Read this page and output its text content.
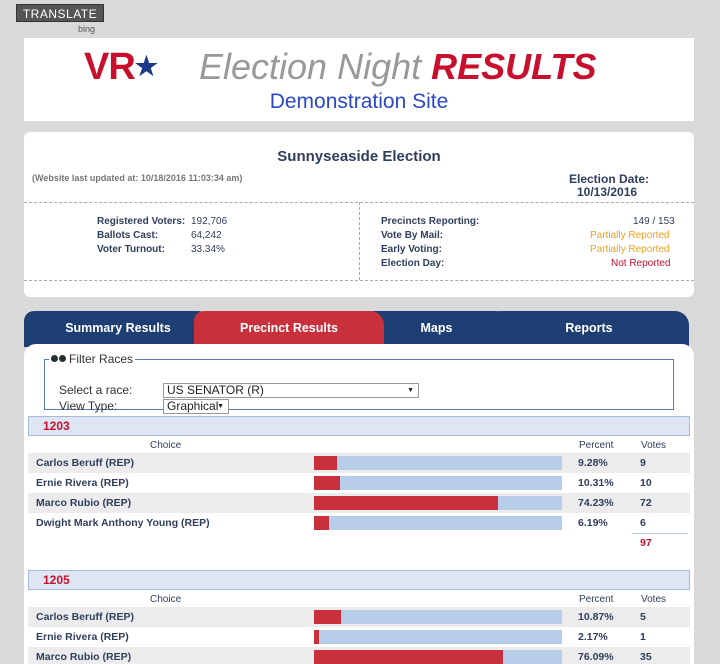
TRANSLATE
bing
VR★ Election Night RESULTS
Demonstration Site
Sunnyseaside Election
(Website last updated at: 10/18/2016 11:03:34 am)	Election Date:
10/13/2016
Registered Voters: 192,706
Ballots Cast:	64,242
Voter Turnout:	33.34%
Precincts Reporting:	149 / 153
Vote By Mail:	Partially Reported
Early Voting:	Partially Reported
Election Day:	Not Reported
Reports
Maps
Summary Results	Precinct Results
Filter Races
Select a race:	US SENATOR (R)	▼
View Type:	Graphical
▼
1203
Choice	Percent	Votes
Carlos Beruff (REP)	9.28%	9
Ernie Rivera (REP)	10.31%	10
Marco Rubio (REP)	74.23%	72
Dwight Mark Anthony Young (REP)	6.19%	6
97
1205
Choice	Percent	Votes
Carlos Beruff (REP)	10.87%	5
Ernie Rivera (REP)	2.17%	1
Marco Rubio (REP)	76.09%	35
